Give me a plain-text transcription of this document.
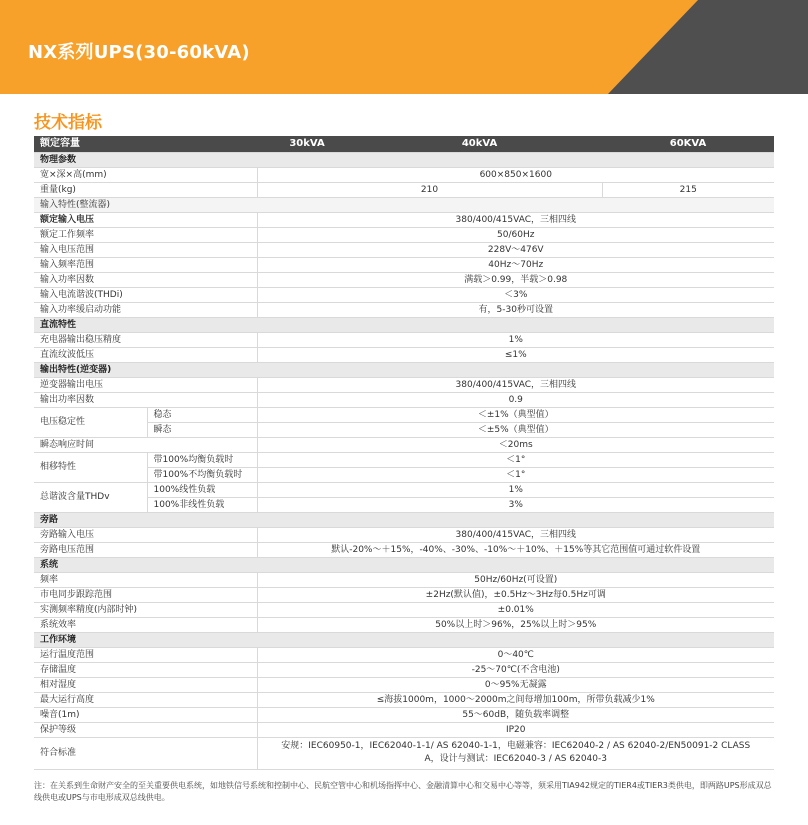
NX系列UPS(30-60kVA)
技术指标
额定容量		30kVA	40kVA	60KVA
物理参数				
宽×深×高(mm)		600×850×1600		
重量(kg)		210		215
输入特性(整流器)				
额定输入电压		380/400/415VAC，三相四线		
额定工作频率		50/60Hz		
输入电压范围		228V～476V		
输入频率范围		40Hz～70Hz		
输入功率因数		满载＞0.99，半载＞0.98		
输入电流谐波(THDi)		＜3%		
输入功率缓启动功能		有，5-30秒可设置		
直流特性				
充电器输出稳压精度		1%		
直流纹波低压		≤1%		
输出特性(逆变器)				
逆变器输出电压		380/400/415VAC，三相四线		
输出功率因数		0.9		
电压稳定性	稳态	＜±1%（典型值）		
	瞬态	＜±5%（典型值）		
瞬态响应时间		＜20ms		
相移特性	带100%均衡负载时	＜1°		
	带100%不均衡负载时	＜1°		
总谐波含量THDv	100%线性负载	1%		
	100%非线性负载	3%		
旁路				
旁路输入电压		380/400/415VAC，三相四线		
旁路电压范围		默认-20%～＋15%，-40%、-30%、-10%～＋10%、＋15%等其它范围值可通过软件设置		
系统				
频率		50Hz/60Hz(可设置)		
市电同步跟踪范围		±2Hz(默认值)，±0.5Hz～3Hz每0.5Hz可调		
实测频率精度(内部时钟)		±0.01%		
系统效率		50%以上时＞96%，25%以上时＞95%		
工作环境				
运行温度范围		0～40℃		
存储温度		-25～70℃(不含电池)		
相对湿度		0～95%无凝露		
最大运行高度		≤海拔1000m，1000～2000m之间每增加100m，所带负载减少1%		
噪音(1m)		55～60dB，随负载率调整		
保护等级		IP20		
符合标准		安规：IEC60950-1，IEC62040-1-1/ AS 62040-1-1，电磁兼容：IEC62040-2 / AS 62040-2/EN50091-2 CLASS
A，设计与测试：IEC62040-3 / AS 62040-3		
注：在关系到生命财产安全的至关重要供电系统，如地铁信号系统和控制中心、民航空管中心和机场指挥中心、金融清算中心和交易中心等等，须采用TIA942规定的TIER4或TIER3类供电，即两路UPS形成双总线供电或UPS与市电形成双总线供电。
